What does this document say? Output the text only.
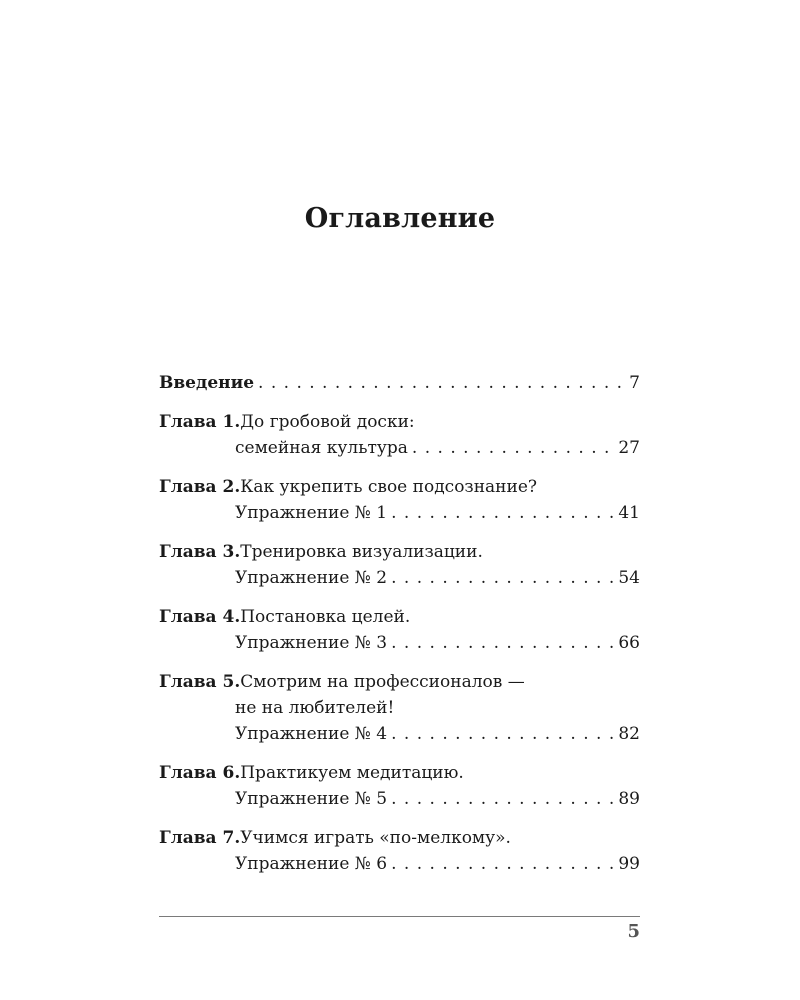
Оглавление
Введение . . .	7
Глава 1. До гробовой доски:
семейная культура . . .	27
Глава 2. Как укрепить свое подсознание?
Упражнение № 1 . . .	41
Глава 3. Тренировка визуализации.
Упражнение № 2 . . .	54
Глава 4. Постановка целей.
Упражнение № 3 . . .	66
Глава 5. Смотрим на профессионалов —
не на любителей!
Упражнение № 4 . . .	82
Глава 6. Практикуем медитацию.
Упражнение № 5 . . .	89
Глава 7. Учимся играть «по-мелкому».
Упражнение № 6 . . .	99
5
